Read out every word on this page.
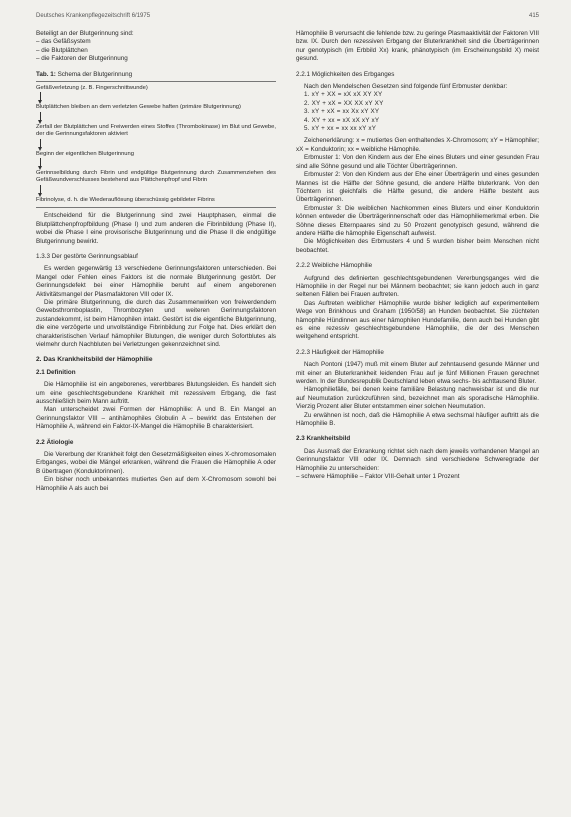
Deutsches Krankenpflegezeitschrift 6/1975	415

Beteiligt an der Blutgerinnung sind:

– das Gefäßsystem

– die Blutplättchen

– die Faktoren der Blutgerinnung

Tab. 1: Schema der Blutgerinnung

Gefäßverletzung (z. B. Fingerschnittwunde)

Blutplättchen bleiben an dem verletzten Gewebe haften (primäre Blutgerinnung)

Zerfall der Blutplättchen und Freiwerden eines Stoffes (Thrombokinase) im Blut und Gewebe, der die Gerinnungsfaktoren aktiviert

Beginn der eigentlichen Blutgerinnung

Gerinnselbildung durch Fibrin und endgültige Blutgerinnung durch Zusammenziehen des Gefäßwundverschlusses bestehend aus Plättchenpfropf und Fibrin

Fibrinolyse, d. h. die Wiederauflösung überschüssig gebildeter Fibrins

Entscheidend für die Blutgerinnung sind zwei Hauptphasen, einmal die Blutplättchenpfropfbildung (Phase I) und zum anderen die Fibrinbildung (Phase II), wobei die Phase I eine provisorische Blutgerinnung und die Phase II die endgültige Blutgerinnung bewirkt.

1.3.3 Der gestörte Gerinnungsablauf

Es werden gegenwärtig 13 verschiedene Gerinnungsfaktoren unterschieden. Bei Mangel oder Fehlen eines Faktors ist die normale Blutgerinnung gestört. Der Gerinnungsdefekt bei einer Hämophilie beruht auf einem angeborenen Aktivitätsmangel der Plasmafaktoren VIII oder IX.

Die primäre Blutgerinnung, die durch das Zusammenwirken von freiwerdendem Gewebsthromboplastin, Thrombozyten und weiteren Gerinnungsfaktoren zustandekommt, ist beim Hämophilen intakt. Gestört ist die eigentliche Blutgerinnung, die eine verzögerte und unvollständige Fibrinbildung zur Folge hat. Dies erklärt den charakteristischen Verlauf hämophiler Blutungen, die weniger durch Sofortblutes als vielmehr durch Nachbluten bei Verletzungen gekennzeichnet sind.

2. Das Krankheitsbild der Hämophilie
2.1 Definition

Die Hämophilie ist ein angeborenes, vererbbares Blutungsleiden. Es handelt sich um eine geschlechtsgebundene Krankheit mit rezessivem Erbgang, die fast ausschließlich beim Mann auftritt.

Man unterscheidet zwei Formen der Hämophilie: A und B. Ein Mangel an Gerinnungsfaktor VIII – antihämophiles Globulin A – bewirkt das Entstehen der Hämophilie A, während ein Faktor-IX-Mangel die Hämophilie B charakterisiert.

2.2 Ätiologie

Die Vererbung der Krankheit folgt den Gesetzmäßigkeiten eines X-chromosomalen Erbganges, wobei die Mängel erkranken, während die Frauen die Hämophilie A oder B übertragen (Konduktorinnen).

Ein bisher noch unbekanntes mutiertes Gen auf dem X-Chromosom sowohl bei Hämophilie A als auch bei

Hämophilie B verursacht die fehlende bzw. zu geringe Plasmaaktivität der Faktoren VIII bzw. IX. Durch den rezessiven Erbgang der Bluterkrankheit sind die Überträgerinnen nur genotypisch (im Erbbild Xx) krank, phänotypisch (im Erscheinungsbild X) meist gesund.

2.2.1 Möglichkeiten des Erbganges

Nach den Mendelschen Gesetzen sind folgende fünf Erbmuster denkbar:

1. xY + XX = xX xX XY XY

2. XY + xX = XX XX xY XY

3. xY + xX = xx Xx xY XY

4. XY + xx = xX xX xY xY

5. xY + xx = xx xx xY xY

Zeichenerklärung: x = mutiertes Gen enthaltendes X-Chromosom; xY = Hämophiler; xX = Konduktorin; xx = weibliche Hämophile.

Erbmuster 1: Von den Kindern aus der Ehe eines Bluters und einer gesunden Frau sind alle Söhne gesund und alle Töchter Überträgerinnen.

Erbmuster 2: Von den Kindern aus der Ehe einer Überträgerin und eines gesunden Mannes ist die Hälfte der Söhne gesund, die andere Hälfte bluterkrank. Von den Töchtern ist gleichfalls die Hälfte gesund, die andere Hälfte besteht aus Überträgerinnen.

Erbmuster 3: Die weiblichen Nachkommen eines Bluters und einer Konduktorin können entweder die Überträgerinnenschaft oder das Hämophiliemerkmal erben. Die Söhne dieses Elternpaares sind zu 50 Prozent genotypisch gesund, während die andere Hälfte die hämophile Eigenschaft aufweist.

Die Möglichkeiten des Erbmusters 4 und 5 wurden bisher beim Menschen nicht beobachtet.

2.2.2 Weibliche Hämophilie

Aufgrund des definierten geschlechtsgebundenen Vererbungsganges wird die Hämophilie in der Regel nur bei Männern beobachtet; sie kann jedoch auch in ganz seltenen Fällen bei Frauen auftreten.

Das Auftreten weiblicher Hämophilie wurde bisher lediglich auf experimentellem Wege von Brinkhous und Graham (1950/58) an Hunden beobachtet. Sie züchteten hämophile Hündinnen aus einer hämophilen Hundefamilie, denn auch bei Hunden gibt es eine rezessiv geschlechtsgebundene Hämophilie, die der des Menschen weitgehend entspricht.

2.2.3 Häufigkeit der Hämophilie

Nach Pontoni (1947) muß mit einem Bluter auf zehntausend gesunde Männer und mit einer an Bluterkrankheit leidenden Frau auf je fünf Millionen Frauen gerechnet werden. In der Bundesrepublik Deutschland leben etwa sechs- bis achttausend Bluter.

Hämophiliefälle, bei denen keine familiäre Belastung nachweisbar ist und die nur auf Neumutation zurückzuführen sind, bezeichnet man als sporadische Hämophilie. Vierzig Prozent aller Bluter entstammen einer solchen Neumutation.

Zu erwähnen ist noch, daß die Hämophilie A etwa sechsmal häufiger auftritt als die Hämophilie B.

2.3 Krankheitsbild

Das Ausmaß der Erkrankung richtet sich nach dem jeweils vorhandenen Mangel an Gerinnungsfaktor VIII oder IX. Demnach sind verschiedene Schweregrade der Hämophilie zu unterscheiden:

– schwere Hämophilie – Faktor VIII-Gehalt unter 1 Prozent
